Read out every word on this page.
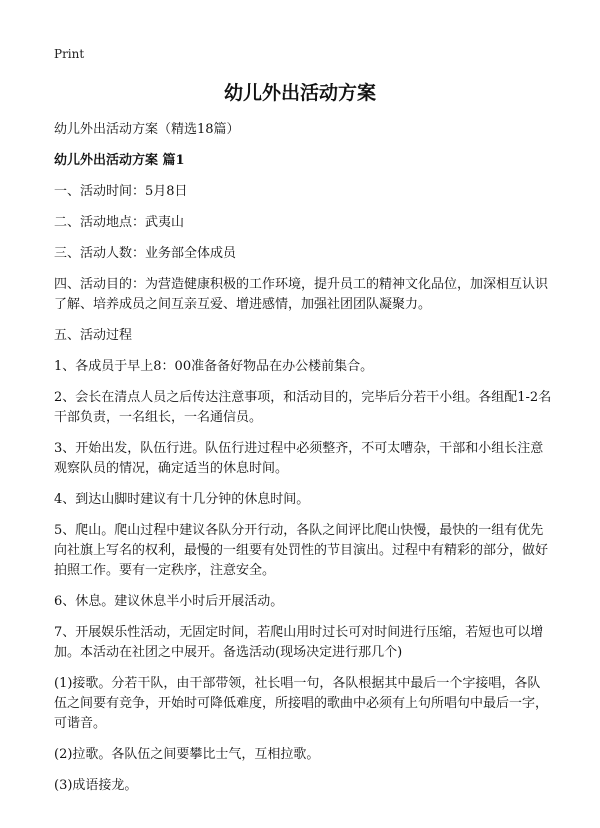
Print
幼儿外出活动方案

幼儿外出活动方案（精选18篇）

幼儿外出活动方案 篇1

一、活动时间：5月8日

二、活动地点：武夷山

三、活动人数：业务部全体成员

四、活动目的：为营造健康积极的工作环境，提升员工的精神文化品位，加深相互认识了解、培养成员之间互亲互爱、增进感情，加强社团团队凝聚力。

五、活动过程

1、各成员于早上8：00准备备好物品在办公楼前集合。

2、会长在清点人员之后传达注意事项，和活动目的，完毕后分若干小组。各组配1-2名干部负责，一名组长，一名通信员。

3、开始出发，队伍行进。队伍行进过程中必须整齐，不可太嘈杂，干部和小组长注意观察队员的情况，确定适当的休息时间。

4、到达山脚时建议有十几分钟的休息时间。

5、爬山。爬山过程中建议各队分开行动，各队之间评比爬山快慢，最快的一组有优先向社旗上写名的权利，最慢的一组要有处罚性的节目演出。过程中有精彩的部分，做好拍照工作。要有一定秩序，注意安全。

6、休息。建议休息半小时后开展活动。

7、开展娱乐性活动，无固定时间，若爬山用时过长可对时间进行压缩，若短也可以增加。本活动在社团之中展开。备选活动(现场决定进行那几个)

(1)接歌。分若干队，由干部带领，社长唱一句，各队根据其中最后一个字接唱，各队伍之间要有竞争，开始时可降低难度，所接唱的歌曲中必须有上句所唱句中最后一字，可谐音。

(2)拉歌。各队伍之间要攀比士气，互相拉歌。

(3)成语接龙。
